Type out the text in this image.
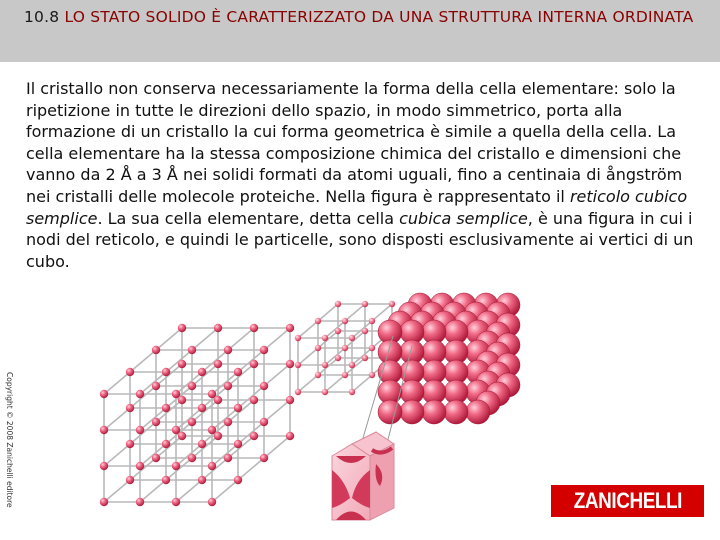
10.8 LO STATO SOLIDO È CARATTERIZZATO DA UNA STRUTTURA INTERNA ORDINATA
Il cristallo non conserva necessariamente la forma della cella elementare: solo la ripetizione in tutte le direzioni dello spazio, in modo simmetrico, porta alla formazione di un cristallo la cui forma geometrica è simile a quella della cella. La cella elementare ha la stessa composizione chimica del cristallo e dimensioni che vanno da 2 Å a 3 Å nei solidi formati da atomi uguali, fino a centinaia di ångström nei cristalli delle molecole proteiche. Nella figura è rappresentato il reticolo cubico semplice. La sua cella elementare, detta cella cubica semplice, è una figura in cui i nodi del reticolo, e quindi le particelle, sono disposti esclusivamente ai vertici di un cubo.
Copyright © 2008 Zanichelli editore	ZANICHELLI
